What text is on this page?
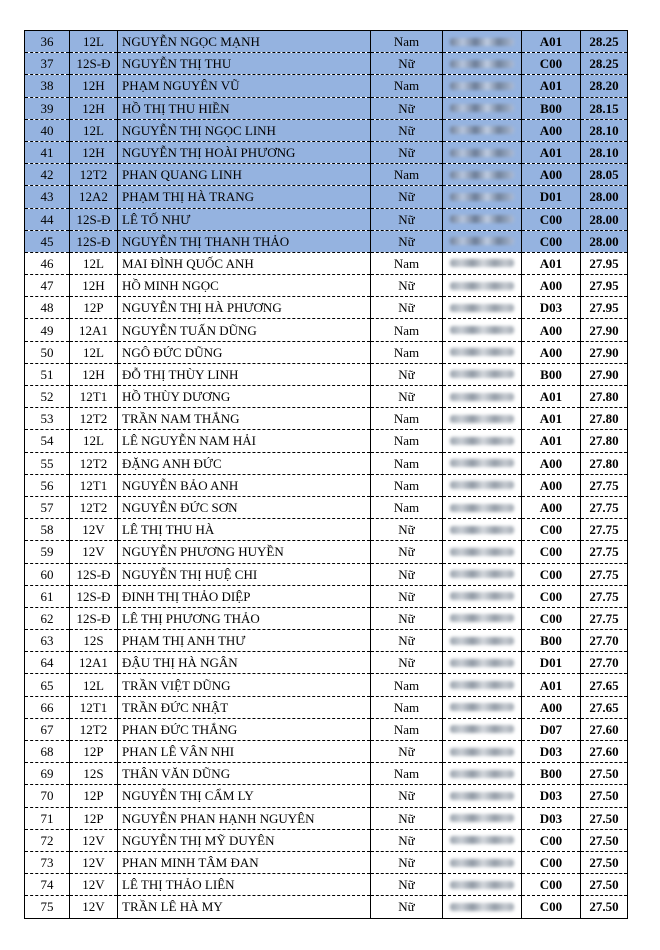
36	12L	NGUYỄN NGỌC MẠNH	Nam		A01	28.25
37	12S-Đ	NGUYỄN THỊ THU	Nữ		C00	28.25
38	12H	PHẠM NGUYÊN VŨ	Nam		A01	28.20
39	12H	HỒ THỊ THU HIỀN	Nữ		B00	28.15
40	12L	NGUYỄN THỊ NGỌC LINH	Nữ		A00	28.10
41	12H	NGUYỄN THỊ HOÀI PHƯƠNG	Nữ		A01	28.10
42	12T2	PHAN QUANG LINH	Nam		A00	28.05
43	12A2	PHẠM THỊ HÀ TRANG	Nữ		D01	28.00
44	12S-Đ	LÊ TỐ NHƯ	Nữ		C00	28.00
45	12S-Đ	NGUYỄN THỊ THANH THẢO	Nữ		C00	28.00
46	12L	MAI ĐÌNH QUỐC ANH	Nam		A01	27.95
47	12H	HỒ MINH NGỌC	Nữ		A00	27.95
48	12P	NGUYỄN THỊ HÀ PHƯƠNG	Nữ		D03	27.95
49	12A1	NGUYỄN TUẤN DŨNG	Nam		A00	27.90
50	12L	NGÔ ĐỨC DŨNG	Nam		A00	27.90
51	12H	ĐỖ THỊ THÙY LINH	Nữ		B00	27.90
52	12T1	HỒ THÙY DƯƠNG	Nữ		A01	27.80
53	12T2	TRẦN NAM THẮNG	Nam		A01	27.80
54	12L	LÊ NGUYỄN NAM HẢI	Nam		A01	27.80
55	12T2	ĐẶNG ANH ĐỨC	Nam		A00	27.80
56	12T1	NGUYỄN BẢO ANH	Nam		A00	27.75
57	12T2	NGUYỄN ĐỨC SƠN	Nam		A00	27.75
58	12V	LÊ THỊ THU HÀ	Nữ		C00	27.75
59	12V	NGUYỄN PHƯƠNG HUYỀN	Nữ		C00	27.75
60	12S-Đ	NGUYỄN THỊ HUỆ CHI	Nữ		C00	27.75
61	12S-Đ	ĐINH THỊ THẢO DIỆP	Nữ		C00	27.75
62	12S-Đ	LÊ THỊ PHƯƠNG THẢO	Nữ		C00	27.75
63	12S	PHẠM THỊ ANH THƯ	Nữ		B00	27.70
64	12A1	ĐẬU THỊ HÀ NGÂN	Nữ		D01	27.70
65	12L	TRẦN VIỆT DŨNG	Nam		A01	27.65
66	12T1	TRẦN ĐỨC NHẬT	Nam		A00	27.65
67	12T2	PHAN ĐỨC THẮNG	Nam		D07	27.60
68	12P	PHAN LÊ VÂN NHI	Nữ		D03	27.60
69	12S	THÂN VĂN DŨNG	Nam		B00	27.50
70	12P	NGUYỄN THỊ CẨM LY	Nữ		D03	27.50
71	12P	NGUYỄN PHAN HẠNH NGUYÊN	Nữ		D03	27.50
72	12V	NGUYỄN THỊ MỸ DUYÊN	Nữ		C00	27.50
73	12V	PHAN MINH TÂM ĐAN	Nữ		C00	27.50
74	12V	LÊ THỊ THẢO LIÊN	Nữ		C00	27.50
75	12V	TRẦN LÊ HÀ MY	Nữ		C00	27.50
